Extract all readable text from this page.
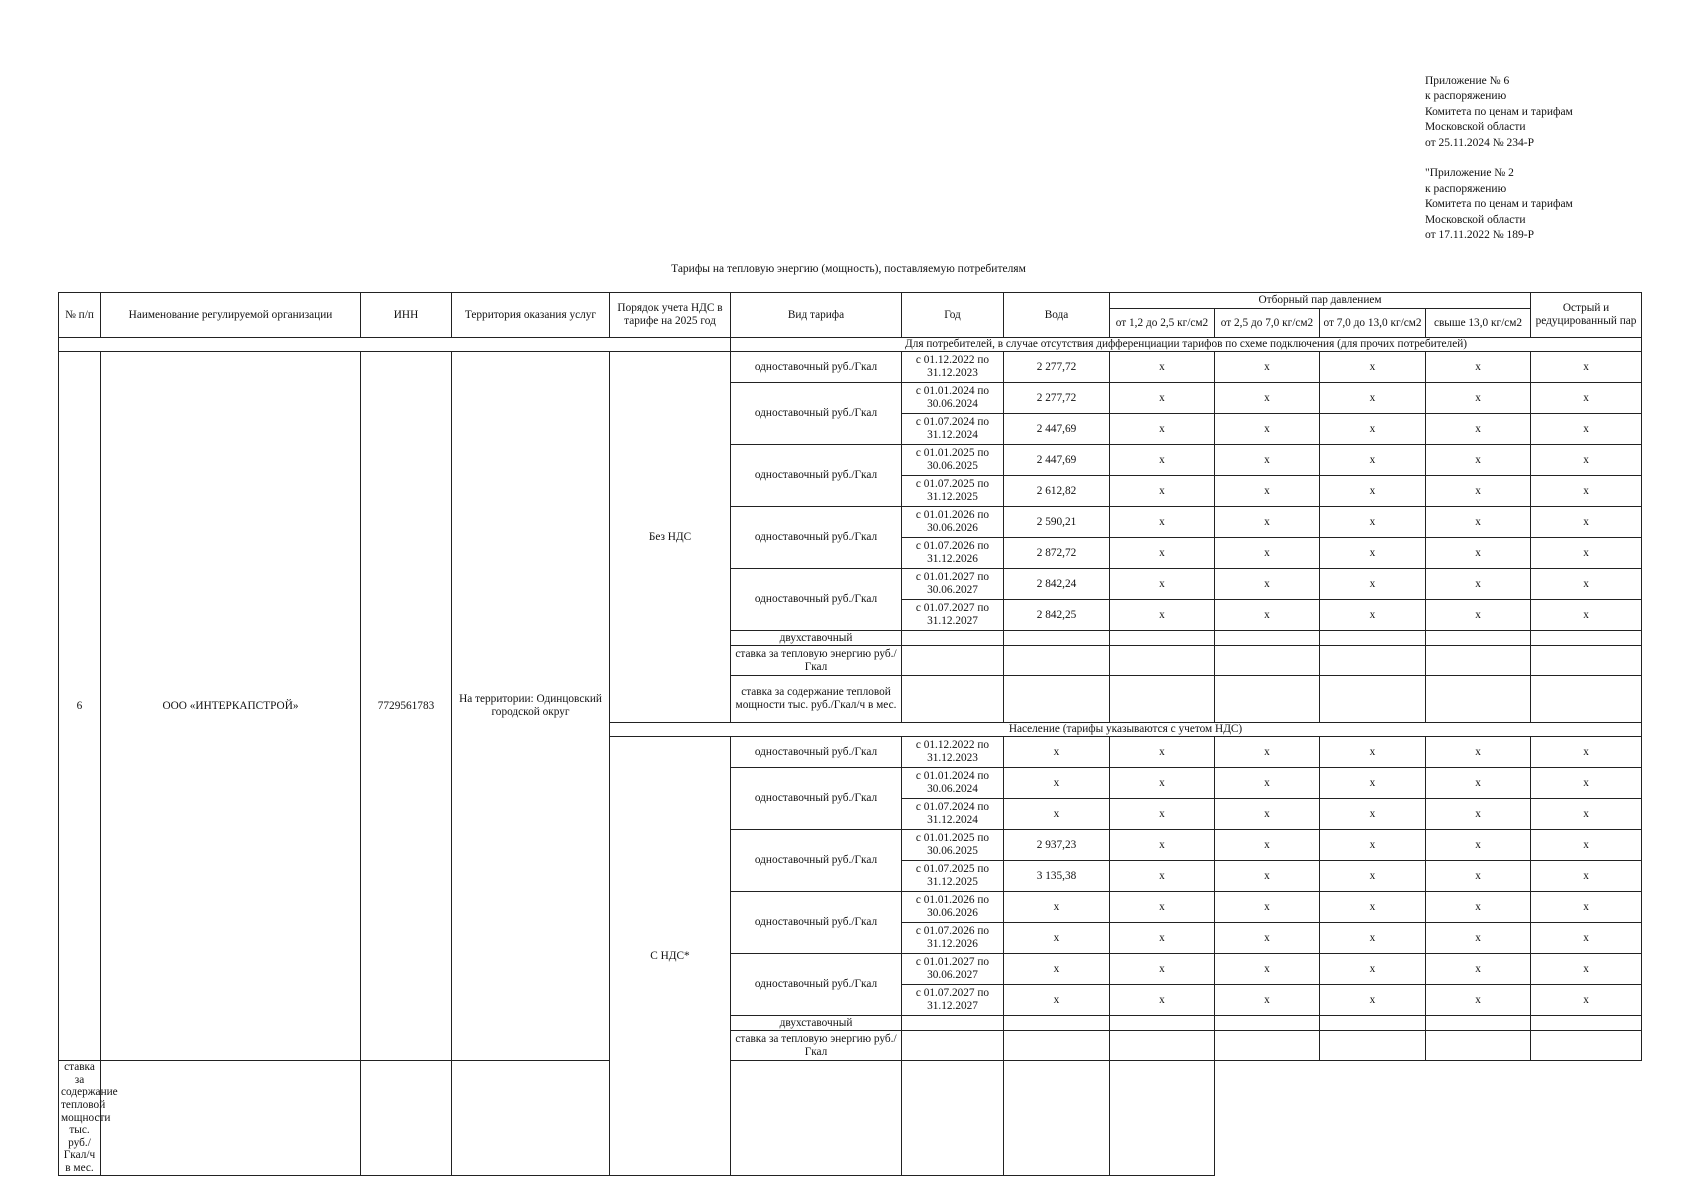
Приложение № 6
к распоряжению
Комитета по ценам и тарифам
Московской области
от 25.11.2024 № 234-Р
"Приложение № 2
к распоряжению
Комитета по ценам и тарифам
Московской области
от 17.11.2022 № 189-Р
Тарифы на тепловую энергию (мощность), поставляемую потребителям
№ п/п	Наименование регулируемой организации	ИНН	Территория оказания услуг	Порядок учета НДС в тарифе на 2025 год	Вид тарифа	Год	Вода	Отборный пар давлением				Острый и редуцированный пар
								от 1,2 до 2,5 кг/см2	от 2,5 до 7,0 кг/см2	от 7,0 до 13,0 кг/см2	свыше 13,0 кг/см2	
					Для потребителей, в случае отсутствия дифференциации тарифов по схеме подключения (для прочих потребителей)							
6	ООО «ИНТЕРКАПСТРОЙ»	7729561783	На территории: Одинцовский городской округ	Без НДС	одноставочный руб./Гкал	с 01.12.2022 по 31.12.2023	2 277,72	x	x	x	x	x
					одноставочный руб./Гкал	с 01.01.2024 по 30.06.2024	2 277,72	x	x	x	x	x
						с 01.07.2024 по 31.12.2024	2 447,69	x	x	x	x	x
					одноставочный руб./Гкал	с 01.01.2025 по 30.06.2025	2 447,69	x	x	x	x	x
						с 01.07.2025 по 31.12.2025	2 612,82	x	x	x	x	x
					одноставочный руб./Гкал	с 01.01.2026 по 30.06.2026	2 590,21	x	x	x	x	x
						с 01.07.2026 по 31.12.2026	2 872,72	x	x	x	x	x
					одноставочный руб./Гкал	с 01.01.2027 по 30.06.2027	2 842,24	x	x	x	x	x
						с 01.07.2027 по 31.12.2027	2 842,25	x	x	x	x	x
					двухставочный							
					ставка за тепловую энергию руб./Гкал							
					ставка за содержание тепловой мощности тыс. руб./Гкал/ч в мес.							
				Население (тарифы указываются с учетом НДС)								
				С НДС*	одноставочный руб./Гкал	с 01.12.2022 по 31.12.2023	x	x	x	x	x	x
					одноставочный руб./Гкал	с 01.01.2024 по 30.06.2024	x	x	x	x	x	x
						с 01.07.2024 по 31.12.2024	x	x	x	x	x	x
					одноставочный руб./Гкал	с 01.01.2025 по 30.06.2025	2 937,23	x	x	x	x	x
						с 01.07.2025 по 31.12.2025	3 135,38	x	x	x	x	x
					одноставочный руб./Гкал	с 01.01.2026 по 30.06.2026	x	x	x	x	x	x
						с 01.07.2026 по 31.12.2026	x	x	x	x	x	x
					одноставочный руб./Гкал	с 01.01.2027 по 30.06.2027	x	x	x	x	x	x
						с 01.07.2027 по 31.12.2027	x	x	x	x	x	x
					двухставочный							
					ставка за тепловую энергию руб./Гкал							
ставка за содержание тепловой мощности тыс. руб./Гкал/ч в мес.												
